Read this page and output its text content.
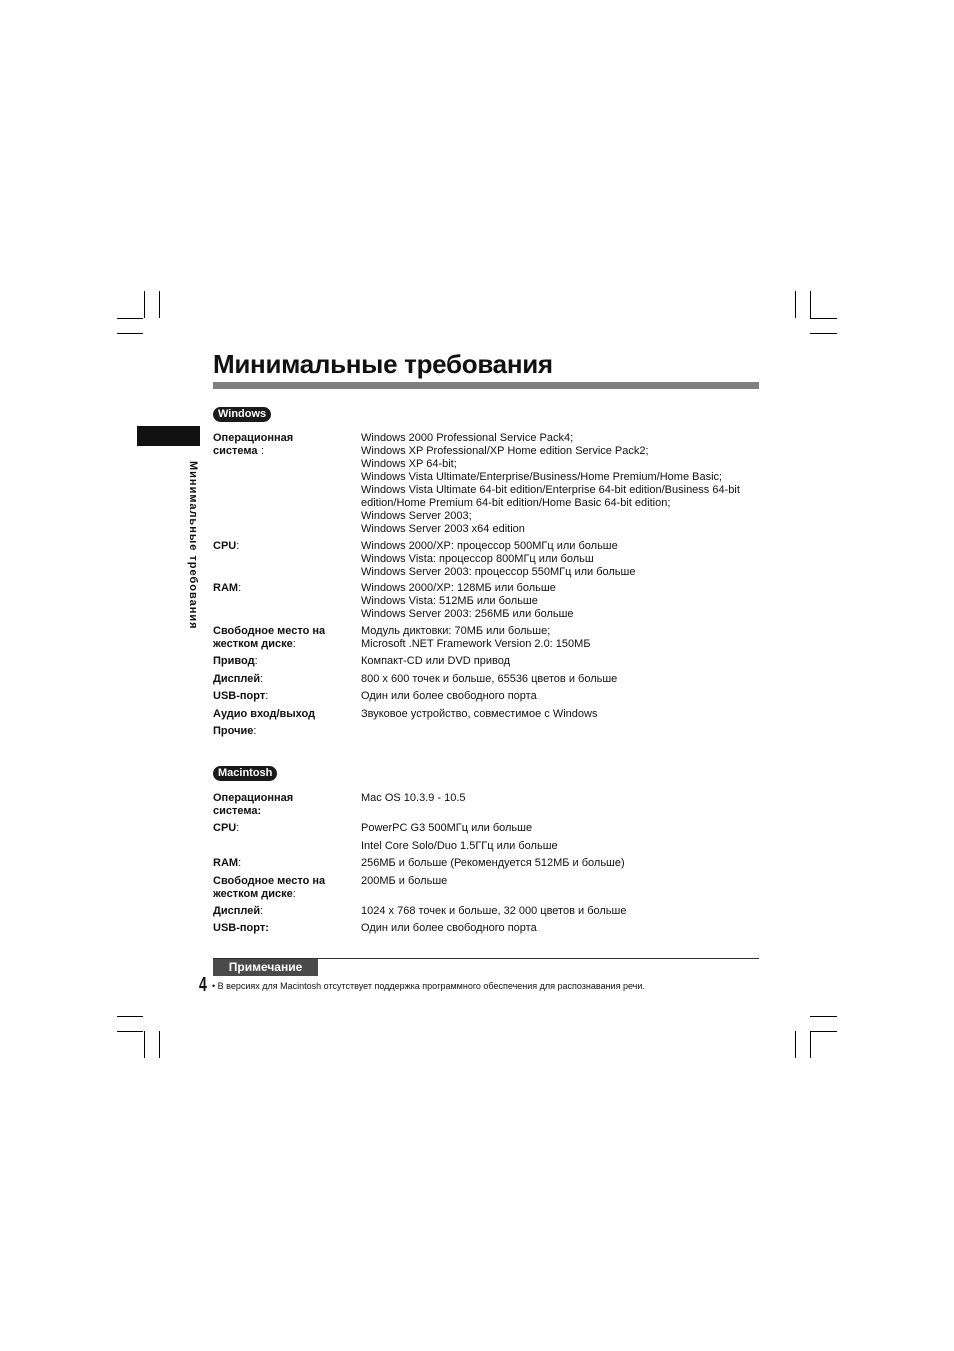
Минимальные требования
Минимальные требования
Windows
Операционная система :
Windows 2000 Professional Service Pack4;
Windows XP Professional/XP Home edition Service Pack2;
Windows XP 64-bit;
Windows Vista Ultimate/Enterprise/Business/Home Premium/Home Basic;
Windows Vista Ultimate 64-bit edition/Enterprise 64-bit edition/Business 64-bit
edition/Home Premium 64-bit edition/Home Basic 64-bit edition;
Windows Server 2003;
Windows Server 2003 x64 edition
CPU:	Windows 2000/XP: процессор 500МГц или больше
Windows Vista: процессор 800МГц или больш
Windows Server 2003: процессор 550МГц или больше
RAM:	Windows 2000/XP: 128МБ или больше
Windows Vista: 512МБ или больше
Windows Server 2003: 256МБ или больше
Свободное место на жестком диске:
Модуль диктовки: 70МБ или больше;
Microsoft .NET Framework Version 2.0: 150МБ
Привод:	Компакт-CD или DVD привод
Дисплей:	800 x 600 точек и больше, 65536 цветов и больше
USB-порт:	Один или более свободного порта
Аудио вход/выход	Звуковое устройство, совместимое с Windows
Прочие:
Macintosh
Операционная система:
Mac OS 10.3.9 - 10.5
CPU:	PowerPC G3 500МГц или больше
Intel Core Solo/Duo 1.5ГГц или больше
RAM:	256МБ и больше (Рекомендуется 512МБ и больше)
Свободное место на жестком диске:
200МБ и больше
Дисплей:	1024 x 768 точек и больше, 32 000 цветов и больше
USB-порт:	Один или более свободного порта
Примечание
• В версиях для Macintosh отсутствует поддержка программного обеспечения для распознавания речи.
4
